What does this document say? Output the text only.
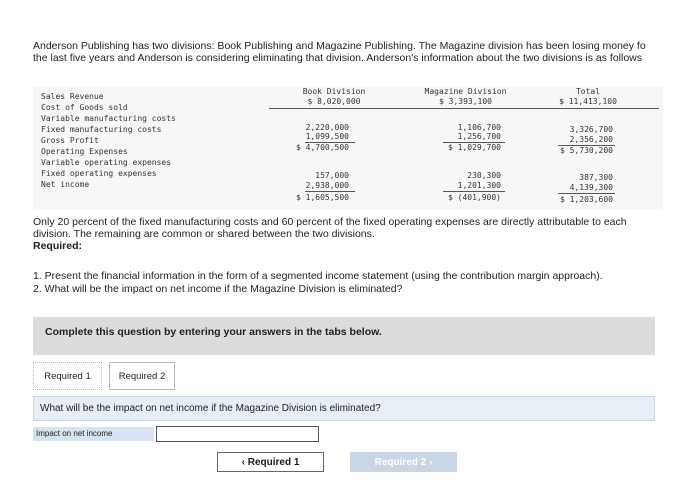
Anderson Publishing has two divisions: Book Publishing and Magazine Publishing. The Magazine division has been losing money fo
the last five years and Anderson is considering eliminating that division. Anderson's information about the two divisions is as follows
Sales Revenue
Cost of Goods sold
Variable manufacturing costs
Fixed manufacturing costs
Gross Profit
Operating Expenses
Variable operating expenses
Fixed operating expenses
Net income
Book Division
$ 8,020,000
Magazine Division
$ 3,393,100
Total
$ 11,413,100
2,220,000
1,099,500
$ 4,700,500
1,106,700
1,256,700
$ 1,029,700
3,326,700
2,356,200
$ 5,730,200
157,000
2,938,000
$ 1,605,500
230,300
1,201,300
$ (401,900)
387,300
4,139,300
$ 1,203,600
Only 20 percent of the fixed manufacturing costs and 60 percent of the fixed operating expenses are directly attributable to each
division. The remaining are common or shared between the two divisions.
Required:
1. Present the financial information in the form of a segmented income statement (using the contribution margin approach).
2. What will be the impact on net income if the Magazine Division is eliminated?
Complete this question by entering your answers in the tabs below.
Required 1	Required 2
What will be the impact on net income if the Magazine Division is eliminated?
Impact on net income
‹ Required 1	Required 2 ›
